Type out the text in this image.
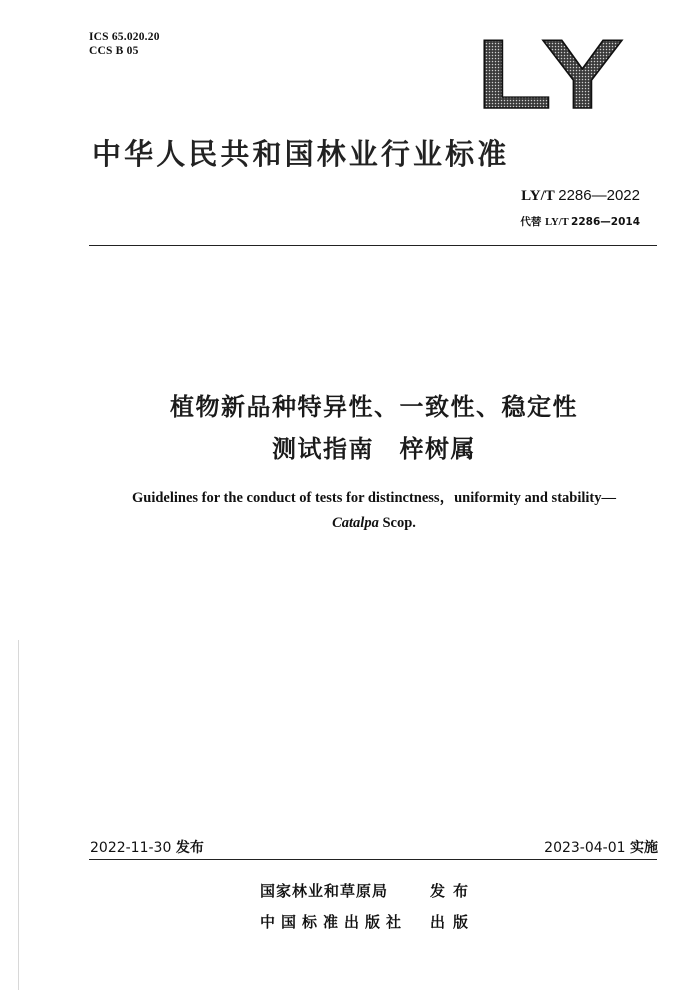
ICS 65.020.20
CCS B 05	LY
中华人民共和国林业行业标准
LY/T 2286—2022
代替 LY/T 2286—2014
植物新品种特异性、一致性、稳定性
测试指南　梓树属
Guidelines for the conduct of tests for distinctness，uniformity and stability—
Catalpa Scop.
2022-11-30 发布	2023-04-01 实施
国家林业和草原局	发布
中国标准出版社 出版
